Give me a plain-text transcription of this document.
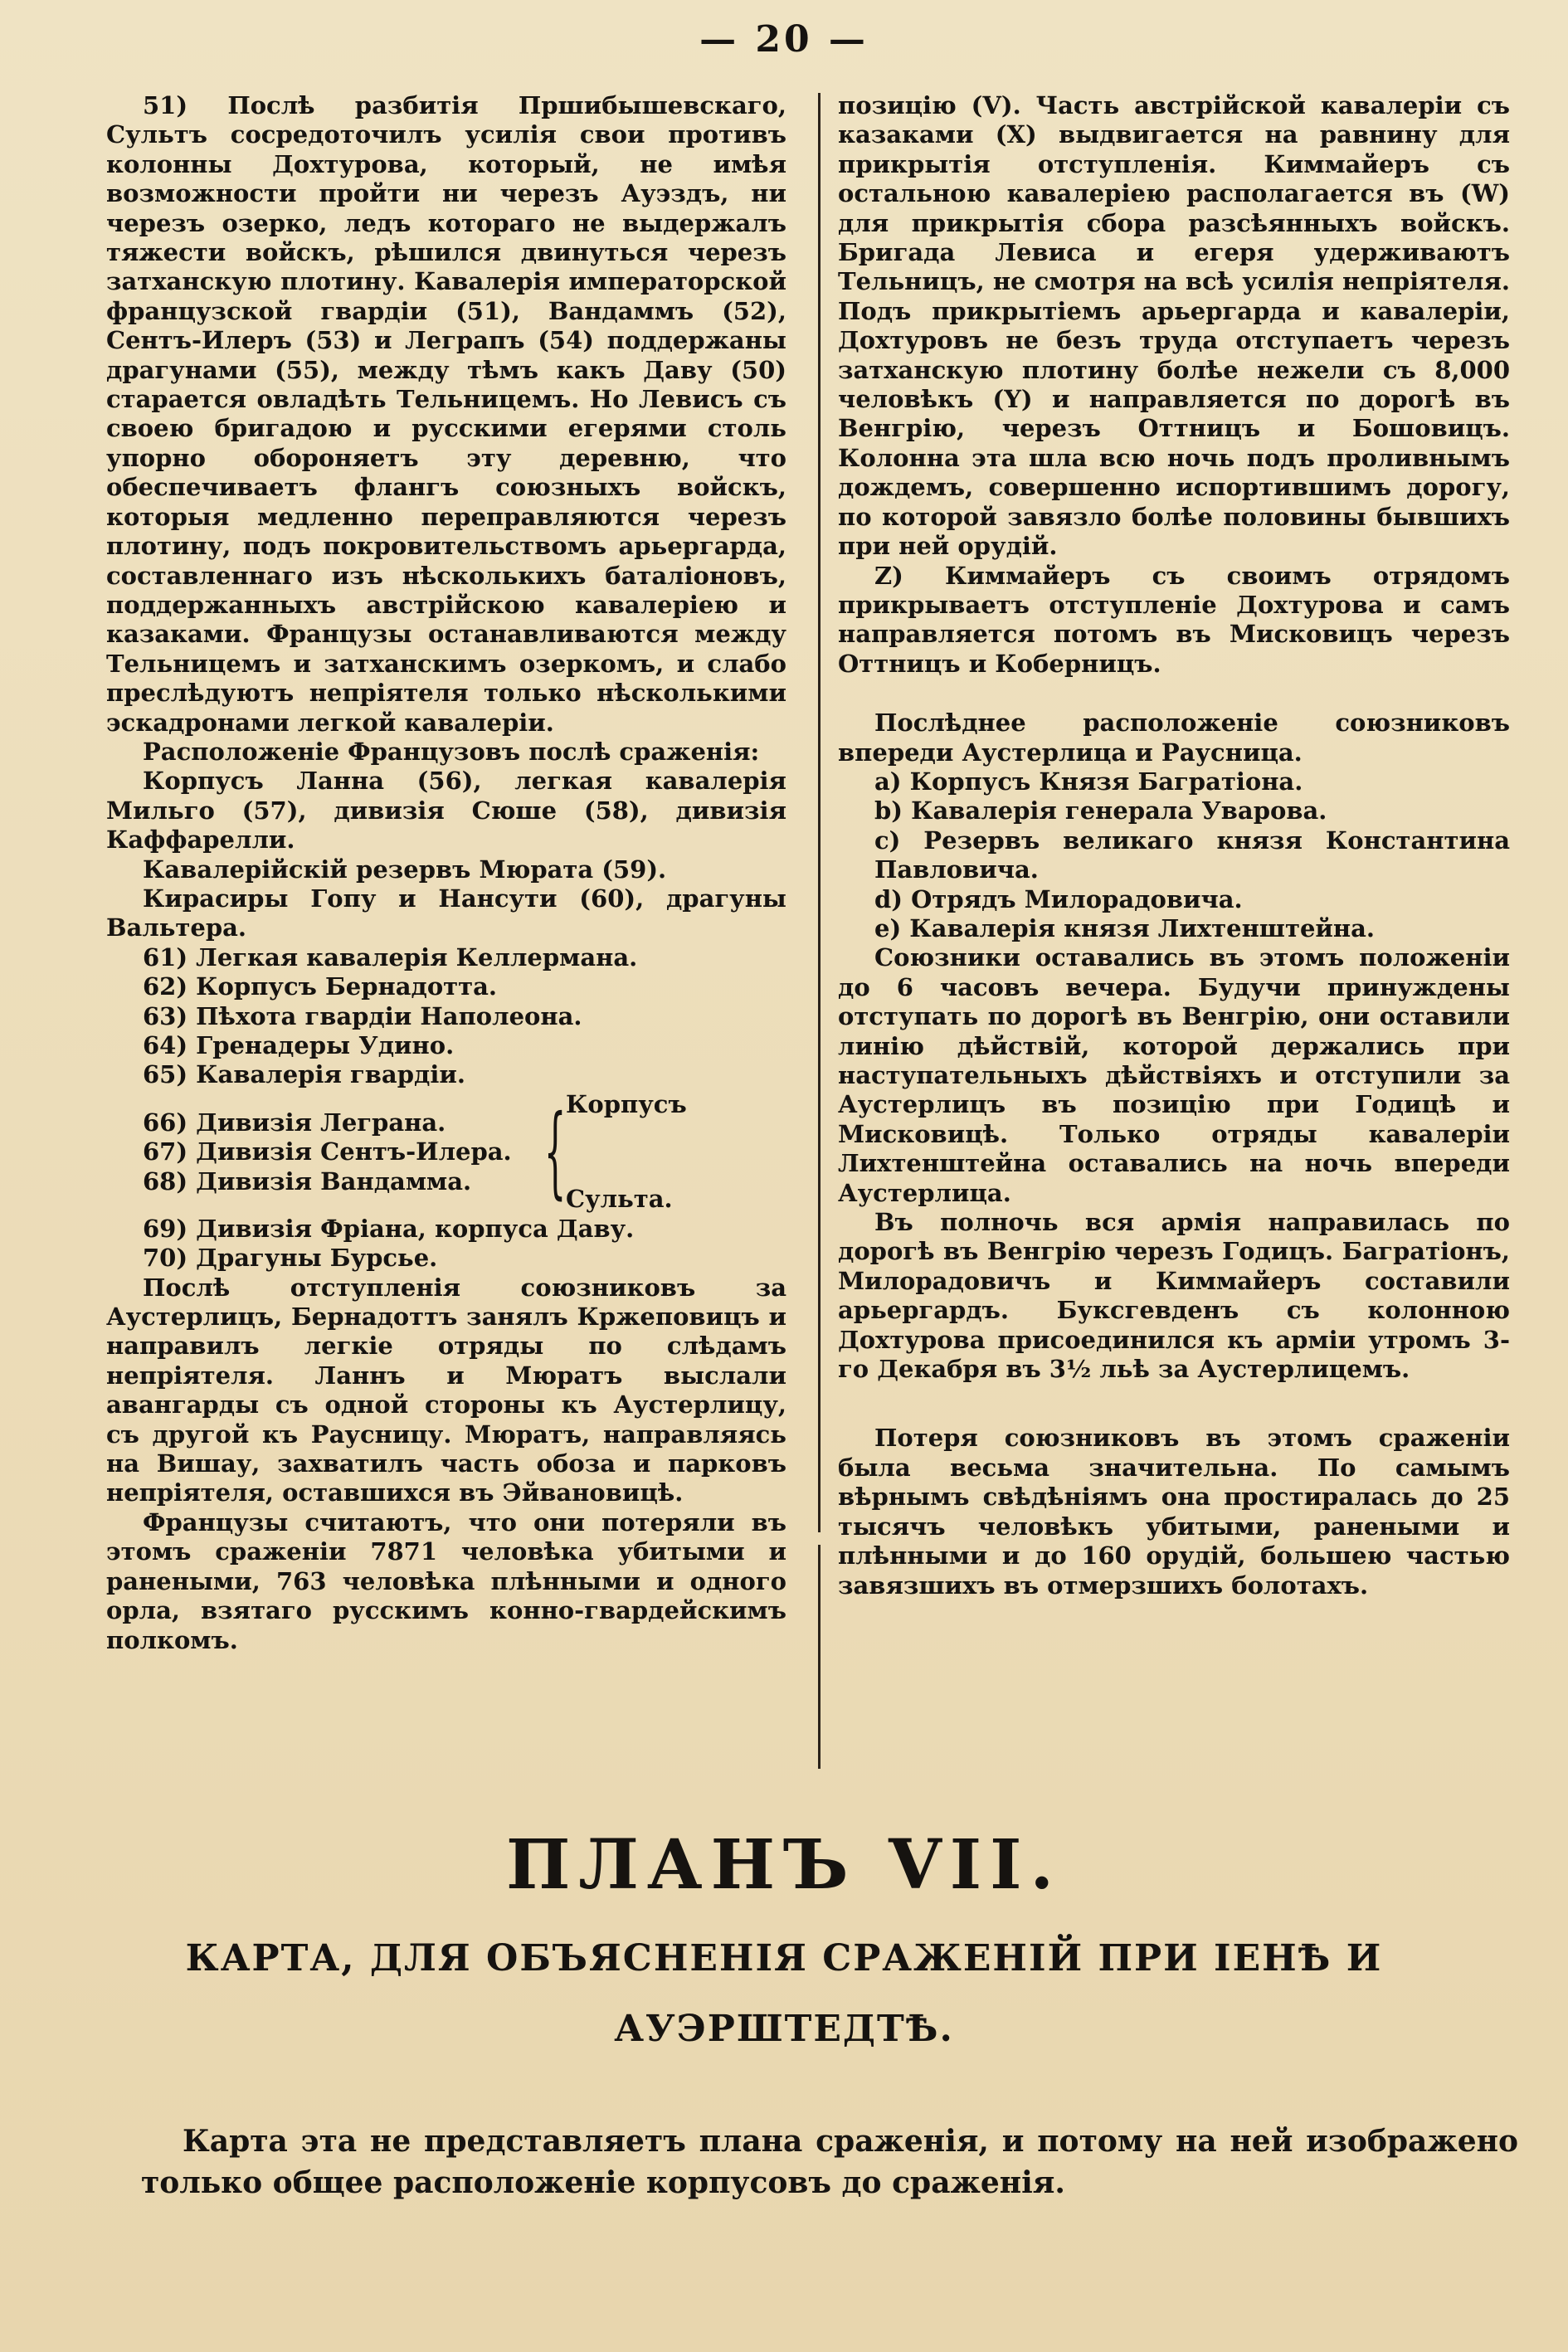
— 20 —

51) Послѣ разбитія Пршибышевскаго, Сультъ сосредоточилъ усилія свои противъ колонны Дохтурова, который, не имѣя возможности пройти ни черезъ Ауэздъ, ни черезъ озерко, ледъ котораго не выдержалъ тяжести войскъ, рѣшился двинуться черезъ затханскую плотину. Кавалерія императорской французской гвардіи (51), Вандаммъ (52), Сентъ-Илеръ (53) и Леграпъ (54) поддержаны драгунами (55), между тѣмъ какъ Даву (50) старается овладѣть Тельницемъ. Но Левисъ съ своею бригадою и русскими егерями столь упорно обороняетъ эту деревню, что обеспечиваетъ флангъ союзныхъ войскъ, которыя медленно переправляются черезъ плотину, подъ покровительствомъ арьергарда, составленнаго изъ нѣсколькихъ баталіоновъ, поддержанныхъ австрійскою кавалеріею и казаками. Французы останавливаются между Тельницемъ и затханскимъ озеркомъ, и слабо преслѣдуютъ непріятеля только нѣсколькими эскадронами легкой кавалеріи.

Расположеніе Французовъ послѣ сраженія:

Корпусъ Ланна (56), легкая кавалерія Мильго (57), дивизія Сюше (58), дивизія Каффарелли.

Кавалерійскій резервъ Мюрата (59).

Кирасиры Гопу и Нансути (60), драгуны Вальтера.

61) Легкая кавалерія Келлермана.

62) Корпусъ Бернадотта.

63) Пѣхота гвардіи Наполеона.

64) Гренадеры Удино.

65) Кавалерія гвардіи.

66) Дивизія Леграна.

67) Дивизія Сентъ-Илера.

68) Дивизія Вандамма. { Корпусъ
Сульта.

69) Дивизія Фріана, корпуса Даву.

70) Драгуны Бурсье.

Послѣ отступленія союзниковъ за Аустерлицъ, Бернадоттъ занялъ Кржеповицъ и направилъ легкіе отряды по слѣдамъ непріятеля. Ланнъ и Мюратъ выслали авангарды съ одной стороны къ Аустерлицу, съ другой къ Раусницу. Мюратъ, направляясь на Вишау, захватилъ часть обоза и парковъ непріятеля, оставшихся въ Эйвановицѣ.

Французы считаютъ, что они потеряли въ этомъ сраженіи 7871 человѣка убитыми и ранеными, 763 человѣка плѣнными и одного орла, взятаго русскимъ конно-гвардейскимъ полкомъ.

позицію (V). Часть австрійской кавалеріи съ казаками (X) выдвигается на равнину для прикрытія отступленія. Киммайеръ съ остальною кавалеріею располагается въ (W) для прикрытія сбора разсѣянныхъ войскъ. Бригада Левиса и егеря удерживаютъ Тельницъ, не смотря на всѣ усилія непріятеля. Подъ прикрытіемъ арьергарда и кавалеріи, Дохтуровъ не безъ труда отступаетъ черезъ затханскую плотину болѣе нежели съ 8,000 человѣкъ (Y) и направляется по дорогѣ въ Венгрію, черезъ Оттницъ и Бошовицъ. Колонна эта шла всю ночь подъ проливнымъ дождемъ, совершенно испортившимъ дорогу, по которой завязло болѣе половины бывшихъ при ней орудій.

Z) Киммайеръ съ своимъ отрядомъ прикрываетъ отступленіе Дохтурова и самъ направляется потомъ въ Мисковицъ черезъ Оттницъ и Коберницъ.

Послѣднее расположеніе союзниковъ впереди Аустерлица и Раусница.

a) Корпусъ Князя Багратіона.

b) Кавалерія генерала Уварова.

c) Резервъ великаго князя Константина Павловича.

d) Отрядъ Милорадовича.

e) Кавалерія князя Лихтенштейна.

Союзники оставались въ этомъ положеніи до 6 часовъ вечера. Будучи принуждены отступать по дорогѣ въ Венгрію, они оставили линію дѣйствій, которой держались при наступательныхъ дѣйствіяхъ и отступили за Аустерлицъ въ позицію при Годицѣ и Мисковицѣ. Только отряды кавалеріи Лихтенштейна оставались на ночь впереди Аустерлица.

Въ полночь вся армія направилась по дорогѣ въ Венгрію черезъ Годицъ. Багратіонъ, Милорадовичъ и Киммайеръ составили арьергардъ. Буксгевденъ съ колонною Дохтурова присоединился къ арміи утромъ 3-го Декабря въ 3½ льѣ за Аустерлицемъ.

Потеря союзниковъ въ этомъ сраженіи была весьма значительна. По самымъ вѣрнымъ свѣдѣніямъ она простиралась до 25 тысячъ человѣкъ убитыми, ранеными и плѣнными и до 160 орудій, большею частью завязшихъ въ отмерзшихъ болотахъ.

ПЛАНЪ VII.
КАРТА, ДЛЯ ОБЪЯСНЕНІЯ СРАЖЕНІЙ ПРИ ІЕНѢ И
АУЭРШТЕДТѢ.

Карта эта не представляетъ плана сраженія, и потому на ней изображено только общее расположеніе корпусовъ до сраженія.
